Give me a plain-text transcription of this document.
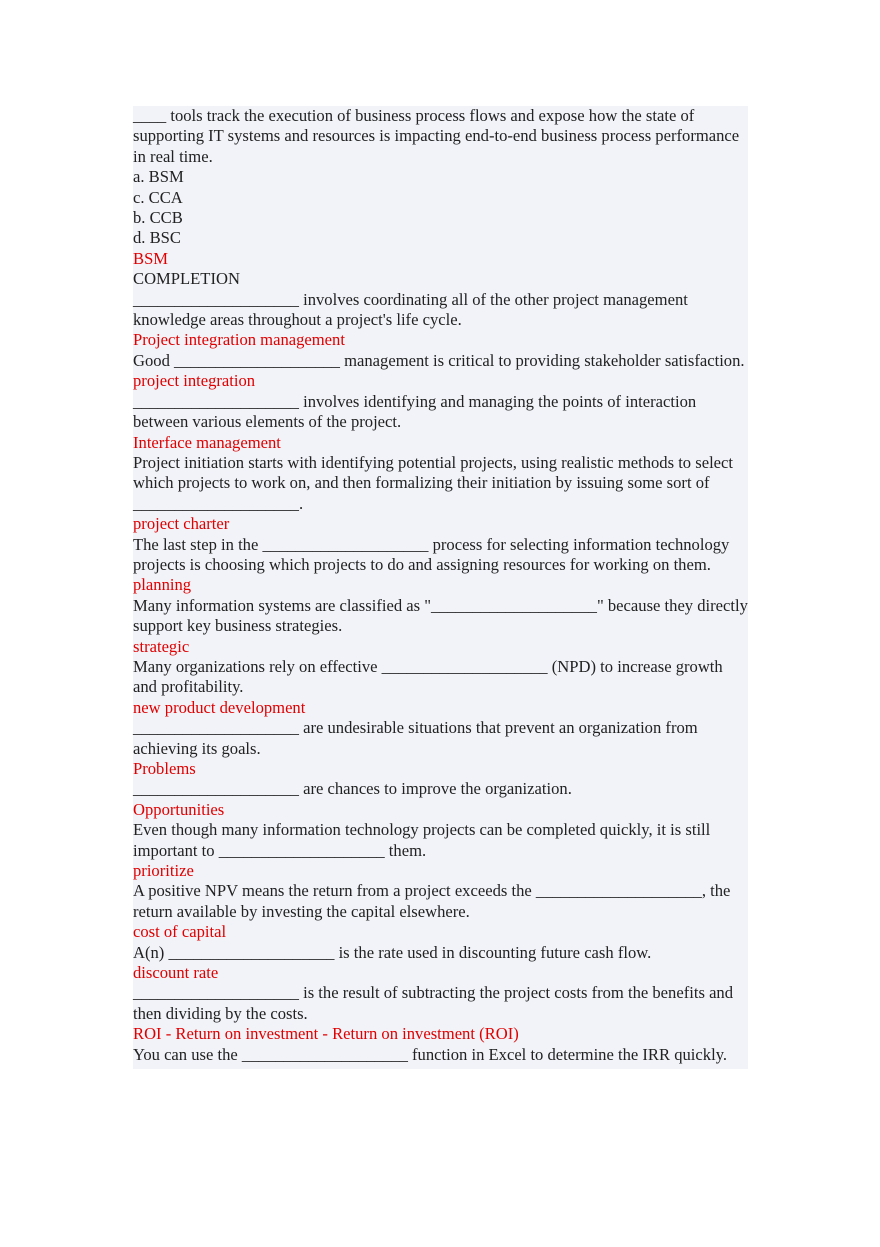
____ tools track the execution of business process flows and expose how the state of supporting IT systems and resources is impacting end-to-end business process performance in real time.
a. BSM
c. CCA
b. CCB
d. BSC
BSM
COMPLETION
____________________ involves coordinating all of the other project management knowledge areas throughout a project's life cycle.
Project integration management
Good ____________________ management is critical to providing stakeholder satisfaction.
project integration
____________________ involves identifying and managing the points of interaction between various elements of the project.
Interface management
Project initiation starts with identifying potential projects, using realistic methods to select which projects to work on, and then formalizing their initiation by issuing some sort of ____________________.
project charter
The last step in the ____________________ process for selecting information technology projects is choosing which projects to do and assigning resources for working on them.
planning
Many information systems are classified as "____________________" because they directly support key business strategies.
strategic
Many organizations rely on effective ____________________ (NPD) to increase growth and profitability.
new product development
____________________ are undesirable situations that prevent an organization from achieving its goals.
Problems
____________________ are chances to improve the organization.
Opportunities
Even though many information technology projects can be completed quickly, it is still important to ____________________ them.
prioritize
A positive NPV means the return from a project exceeds the ____________________, the return available by investing the capital elsewhere.
cost of capital
A(n) ____________________ is the rate used in discounting future cash flow.
discount rate
____________________ is the result of subtracting the project costs from the benefits and then dividing by the costs.
ROI - Return on investment - Return on investment (ROI)
You can use the ____________________ function in Excel to determine the IRR quickly.
